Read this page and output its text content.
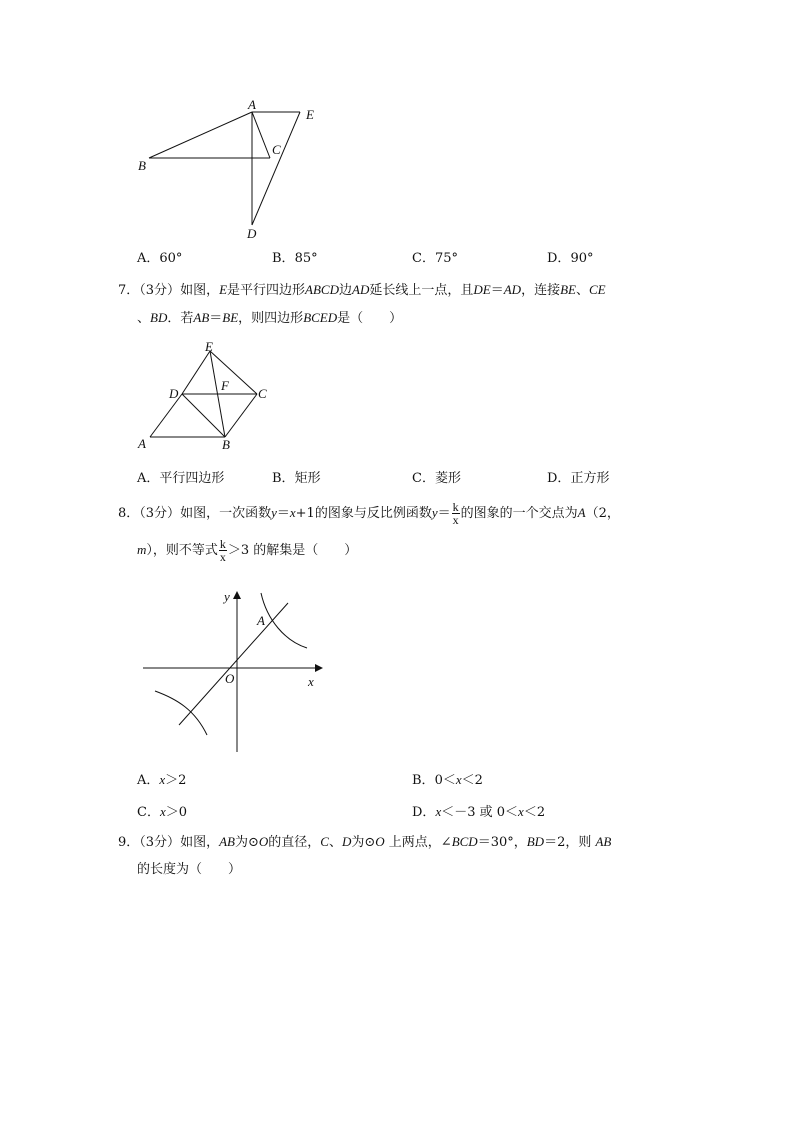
A
E
B
C
D
A．60°	B．85°	C．75°	D．90°
7．（3分）如图，E是平行四边形ABCD边AD延长线上一点，且DE＝AD，连接BE、CE
、BD．若AB＝BE，则四边形BCED是（　　）
E
D
F
C
A	B
A．平行四边形	B．矩形	C．菱形	D．正方形
8．（3分）如图，一次函数y＝x+1的图象与反比例函数$y= \frac{k}{x}$ 的图象的一个交点为A（2，
m），则不等式 $\frac{k}{x} >3$ 的解集是（　　）
y
x
O
A
A．x＞2	B．0＜x＜2
C．x＞0	D．x＜－3 或 0＜x＜2
9．（3分）如图，AB为⊙O的直径，C、D为⊙O 上两点，∠BCD＝30°，BD＝2，则 AB
的长度为（　　）
